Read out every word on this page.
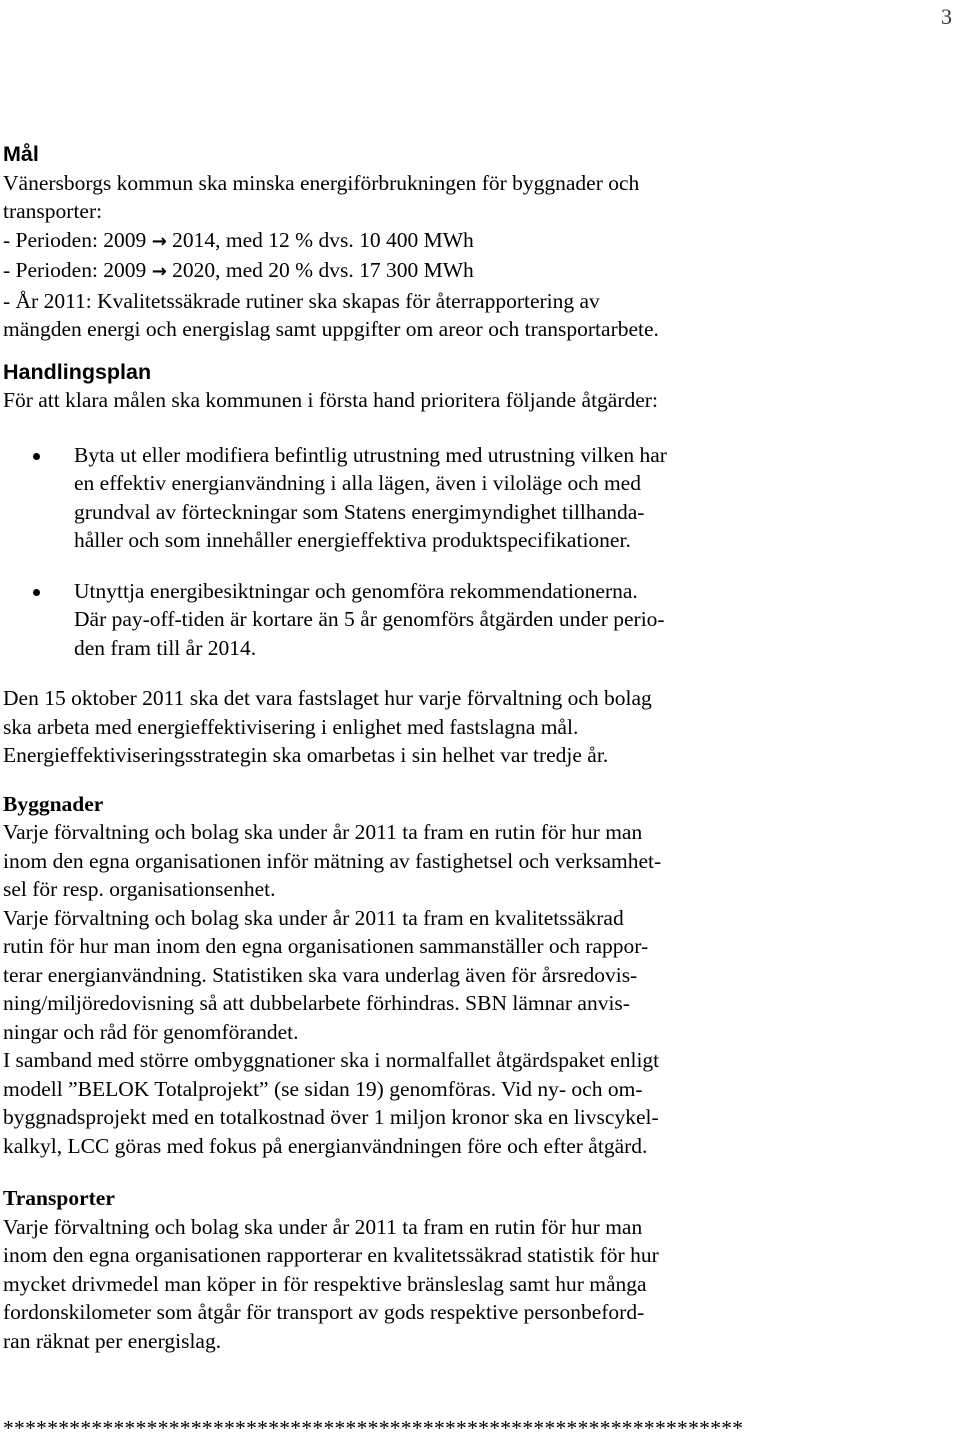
3
Mål
Vänersborgs kommun ska minska energiförbrukningen för byggnader och
transporter:
- Perioden: 2009 → 2014, med 12 % dvs. 10 400 MWh
- Perioden: 2009 → 2020, med 20 % dvs. 17 300 MWh
- År 2011: Kvalitetssäkrade rutiner ska skapas för återrapportering av
mängden energi och energislag samt uppgifter om areor och transportarbete.
Handlingsplan
För att klara målen ska kommunen i första hand prioritera följande åtgärder:
Byta ut eller modifiera befintlig utrustning med utrustning vilken har
en effektiv energianvändning i alla lägen, även i viloläge och med
grundval av förteckningar som Statens energimyndighet tillhanda-
håller och som innehåller energieffektiva produktspecifikationer.
Utnyttja energibesiktningar och genomföra rekommendationerna.
Där pay-off-tiden är kortare än 5 år genomförs åtgärden under perio-
den fram till år 2014.
Den 15 oktober 2011 ska det vara fastslaget hur varje förvaltning och bolag
ska arbeta med energieffektivisering i enlighet med fastslagna mål.
Energieffektiviseringsstrategin ska omarbetas i sin helhet var tredje år.
Byggnader
Varje förvaltning och bolag ska under år 2011 ta fram en rutin för hur man
inom den egna organisationen inför mätning av fastighetsel och verksamhet-
sel för resp. organisationsenhet.
Varje förvaltning och bolag ska under år 2011 ta fram en kvalitetssäkrad
rutin för hur man inom den egna organisationen sammanställer och rappor-
terar energianvändning. Statistiken ska vara underlag även för årsredovis-
ning/miljöredovisning så att dubbelarbete förhindras. SBN lämnar anvis-
ningar och råd för genomförandet.
I samband med större ombyggnationer ska i normalfallet åtgärdspaket enligt
modell ”BELOK Totalprojekt” (se sidan 19) genomföras. Vid ny- och om-
byggnadsprojekt med en totalkostnad över 1 miljon kronor ska en livscykel-
kalkyl, LCC göras med fokus på energianvändningen före och efter åtgärd.
Transporter
Varje förvaltning och bolag ska under år 2011 ta fram en rutin för hur man
inom den egna organisationen rapporterar en kvalitetssäkrad statistik för hur
mycket drivmedel man köper in för respektive bränsleslag samt hur många
fordonskilometer som åtgår för transport av gods respektive personbeford-
ran räknat per energislag.
*******************************************************************
